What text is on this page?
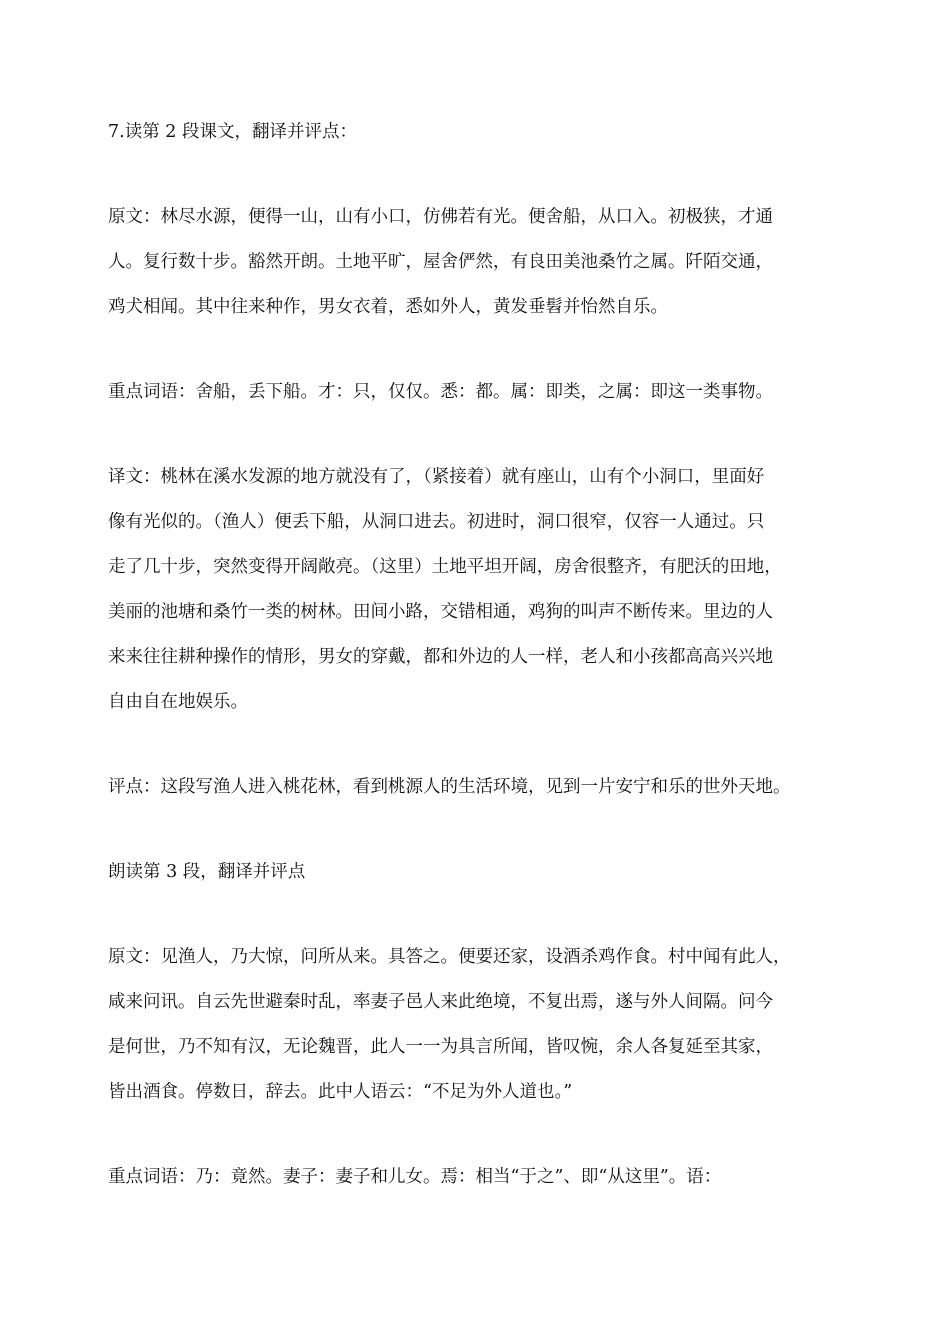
7.读第 2 段课文，翻译并评点：
原文：林尽水源，便得一山，山有小口，仿佛若有光。便舍船，从口入。初极狭，才通
人。复行数十步。豁然开朗。土地平旷，屋舍俨然，有良田美池桑竹之属。阡陌交通，
鸡犬相闻。其中往来种作，男女衣着，悉如外人，黄发垂髫并怡然自乐。
重点词语：舍船，丢下船。才：只，仅仅。悉：都。属：即类，之属：即这一类事物。
译文：桃林在溪水发源的地方就没有了，（紧接着）就有座山，山有个小洞口，里面好
像有光似的。（渔人）便丢下船，从洞口进去。初进时，洞口很窄，仅容一人通过。只
走了几十步，突然变得开阔敞亮。（这里）土地平坦开阔，房舍很整齐，有肥沃的田地，
美丽的池塘和桑竹一类的树林。田间小路，交错相通，鸡狗的叫声不断传来。里边的人
来来往往耕种操作的情形，男女的穿戴，都和外边的人一样，老人和小孩都高高兴兴地
自由自在地娱乐。
评点：这段写渔人进入桃花林，看到桃源人的生活环境，见到一片安宁和乐的世外天地。
朗读第 3 段，翻译并评点
原文：见渔人，乃大惊，问所从来。具答之。便要还家，设酒杀鸡作食。村中闻有此人，
咸来问讯。自云先世避秦时乱，率妻子邑人来此绝境，不复出焉，遂与外人间隔。问今
是何世，乃不知有汉，无论魏晋，此人一一为具言所闻，皆叹惋，余人各复延至其家，
皆出酒食。停数日，辞去。此中人语云：“不足为外人道也。”
重点词语：乃：竟然。妻子：妻子和儿女。焉：相当“于之”、即“从这里”。语：
